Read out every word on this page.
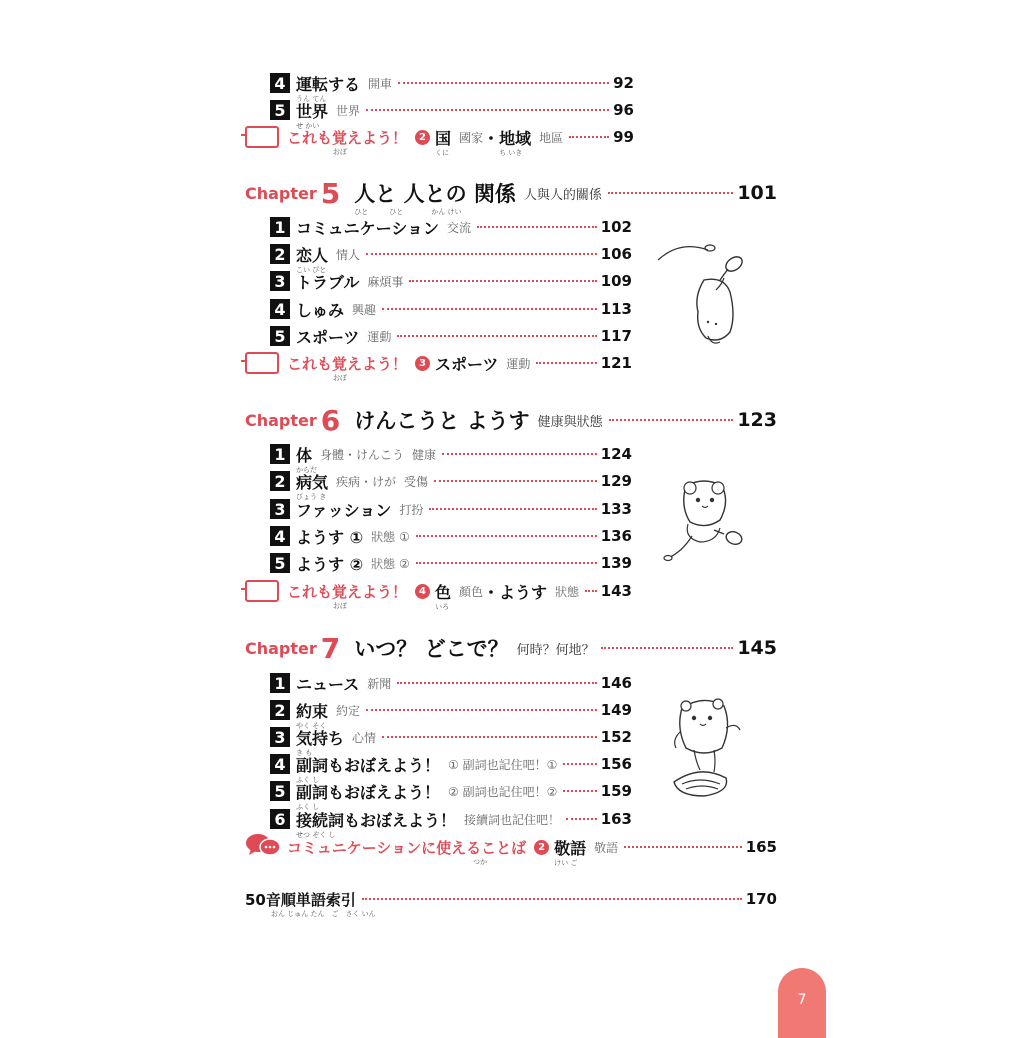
4 運転する
うん てん
開車	92
5 世界
せ かい
世界	96
これも覚えよう！
おぼ
2 国
くに
國家 ・ 地域
ち いき
地區	99
Chapter 5 人と 人との 関係
ひと　　　ひと　　　　かん けい
人與人的關係	101
1 コミュニケーション 交流	102
2 恋人
こい びと
情人	106
3 トラブル 麻煩事	109
4 しゅみ 興趣	113
5 スポーツ 運動	117
これも覚えよう！
おぼ
3 スポーツ 運動	121
Chapter 6 けんこうと ようす 健康與狀態	123
1 体
からだ
身體・けんこう 健康	124
2 病気
びょう き
疾病・けが 受傷	129
3 ファッション 打扮	133
4 ようす ① 狀態 ①	136
5 ようす ② 狀態 ②	139
これも覚えよう！
おぼ
4 色
いろ
顏色 ・ようす 狀態 143
Chapter 7 いつ？ どこで？ 何時？何地？	145
1 ニュース 新聞	146
2 約束
やく そく
約定	149
3 気持ち
き も
心情	152
4 副詞もおぼえよう！
ふく し
① 副詞也記住吧！①	156
5 副詞もおぼえよう！
ふく し
② 副詞也記住吧！②	159
6 接続詞もおぼえよう！
せつ ぞく し
接續詞也記住吧！	163
コミュニケーションに使えることば
つか
2 敬語
けい ご
敬語	165
50音順単語索引
おん じゅん たん　ご　さく いん
170
7
